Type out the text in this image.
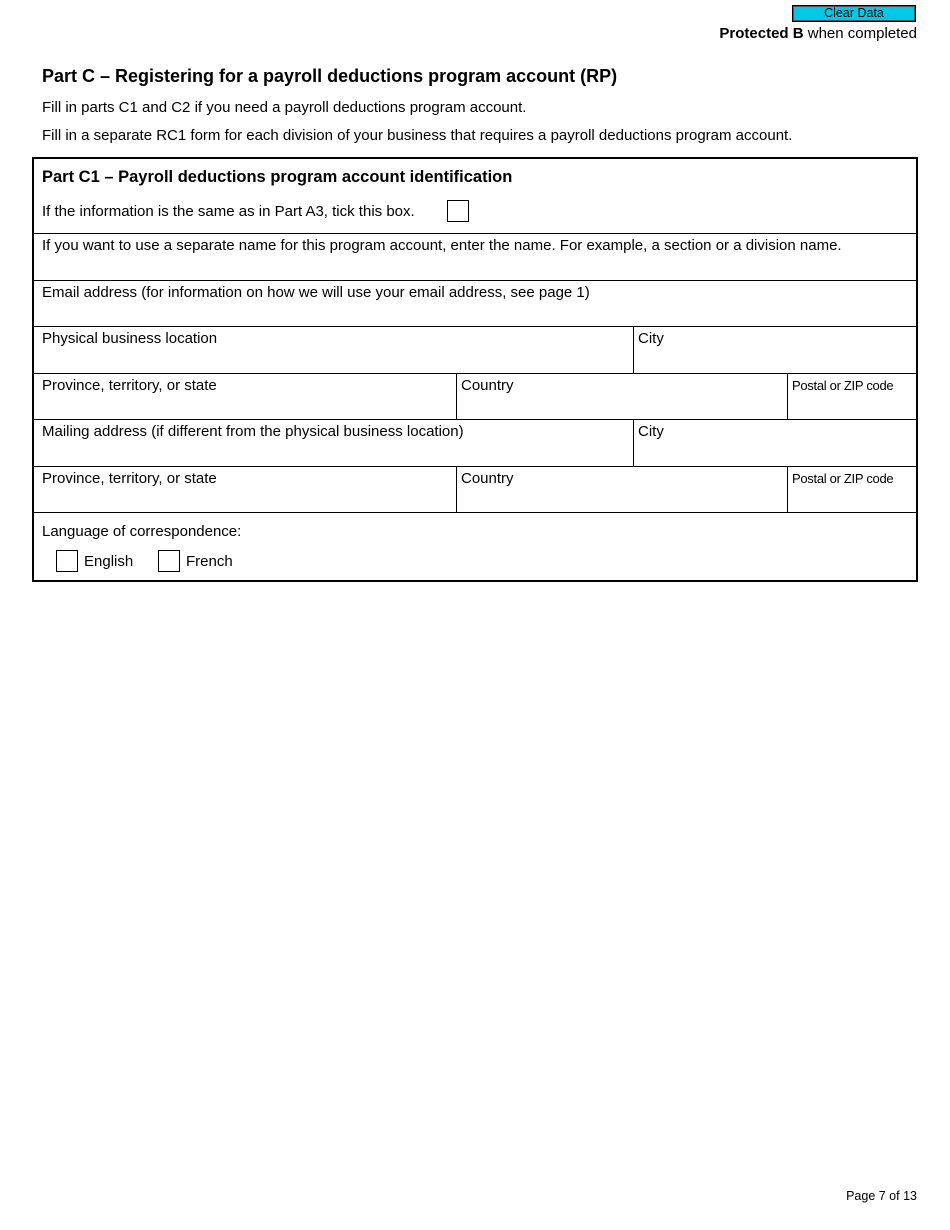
Clear Data
Protected B when completed
Part C – Registering for a payroll deductions program account (RP)
Fill in parts C1 and C2 if you need a payroll deductions program account.
Fill in a separate RC1 form for each division of your business that requires a payroll deductions program account.
Part C1 – Payroll deductions program account identification
If the information is the same as in Part A3, tick this box.
If you want to use a separate name for this program account, enter the name. For example, a section or a division name.
Email address (for information on how we will use your email address, see page 1)
Physical business location	City
Province, territory, or state	Country	Postal or ZIP code
Mailing address (if different from the physical business location)	City
Province, territory, or state	Country	Postal or ZIP code
Language of correspondence:
English	French
Page 7 of 13
